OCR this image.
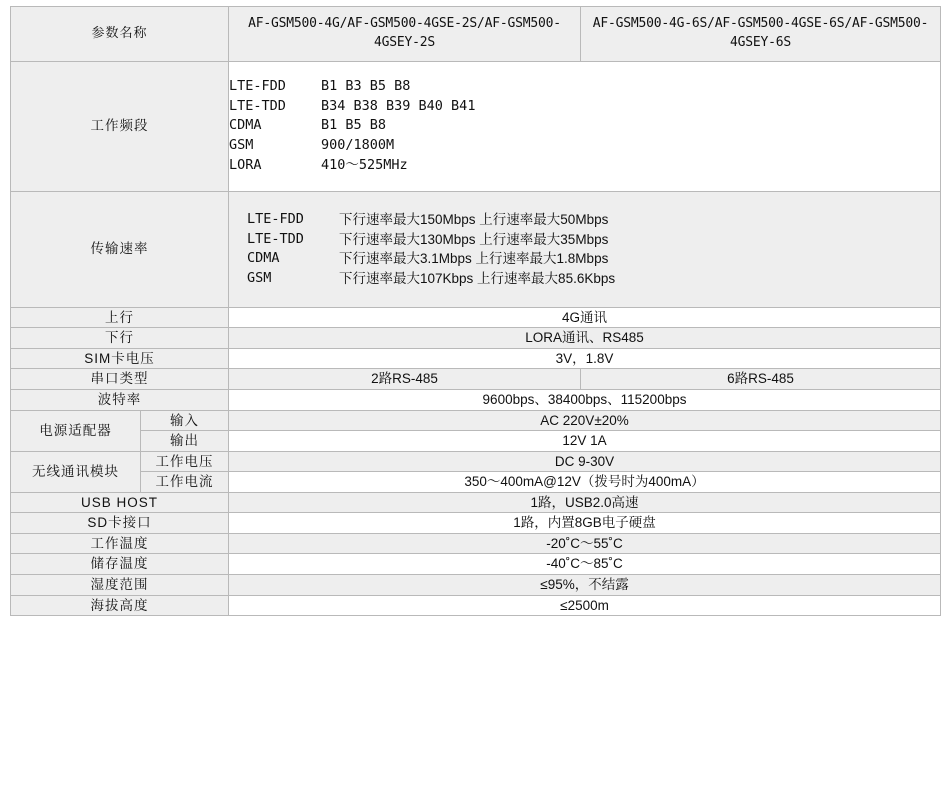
参数名称		AF-GSM500-4G/AF-GSM500-4GSE-2S/AF-GSM500-4GSEY-2S	AF-GSM500-4G-6S/AF-GSM500-4GSE-6S/AF-GSM500-4GSEY-6S
工作频段	
LTE-FDD	B1 B3 B5 B8
LTE-TDD	B34 B38 B39 B40 B41
CDMA	B1 B5 B8
GSM	900/1800M
LORA	410～525MHz

传输速率	
LTE-FDD	下行速率最大150Mbps 上行速率最大50Mbps
LTE-TDD	下行速率最大130Mbps 上行速率最大35Mbps
CDMA	下行速率最大3.1Mbps 上行速率最大1.8Mbps
GSM	下行速率最大107Kbps 上行速率最大85.6Kbps

上行		4G通讯	
下行		LORA通讯、RS485	
SIM卡电压		3V，1.8V	
串口类型		2路RS-485	6路RS-485
波特率		9600bps、38400bps、115200bps	
电源适配器	输入	AC 220V±20%	
	输出	12V 1A	
无线通讯模块	工作电压	DC 9-30V	
	工作电流	350～400mA@12V（拨号时为400mA）	
USB HOST		1路，USB2.0高速	
SD卡接口		1路，内置8GB电子硬盘	
工作温度		-20˚C～55˚C	
储存温度		-40˚C～85˚C	
湿度范围		≤95%，不结露	
海拔高度		≤2500m	
